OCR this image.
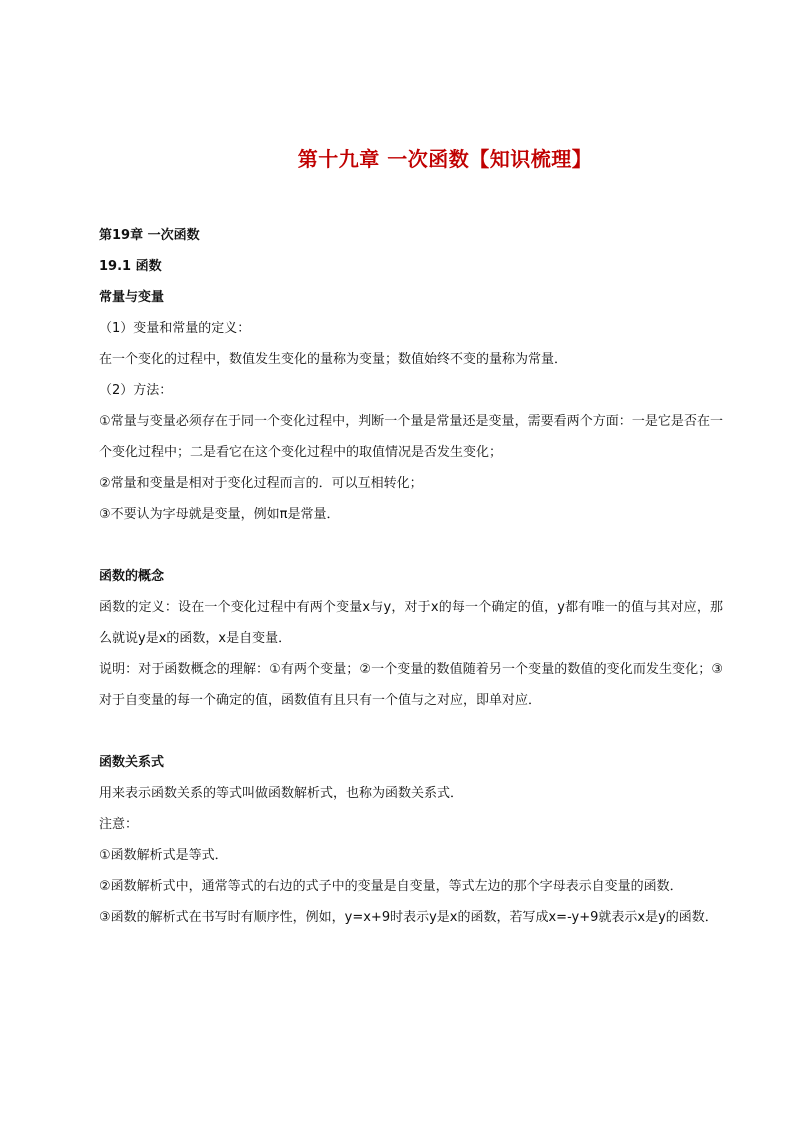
第十九章 一次函数【知识梳理】
第19章 一次函数
19.1 函数
常量与变量
（1）变量和常量的定义：
在一个变化的过程中，数值发生变化的量称为变量；数值始终不变的量称为常量．
（2）方法：
①常量与变量必须存在于同一个变化过程中，判断一个量是常量还是变量，需要看两个方面：一是它是否在一个变化过程中；二是看它在这个变化过程中的取值情况是否发生变化；
②常量和变量是相对于变化过程而言的．可以互相转化；
③不要认为字母就是变量，例如π是常量．
函数的概念
函数的定义：设在一个变化过程中有两个变量x与y，对于x的每一个确定的值，y都有唯一的值与其对应，那么就说y是x的函数，x是自变量．
说明：对于函数概念的理解：①有两个变量；②一个变量的数值随着另一个变量的数值的变化而发生变化；③对于自变量的每一个确定的值，函数值有且只有一个值与之对应，即单对应．
函数关系式
用来表示函数关系的等式叫做函数解析式，也称为函数关系式．
注意：
①函数解析式是等式．
②函数解析式中，通常等式的右边的式子中的变量是自变量，等式左边的那个字母表示自变量的函数．
③函数的解析式在书写时有顺序性，例如，y=x+9时表示y是x的函数，若写成x=-y+9就表示x是y的函数．
